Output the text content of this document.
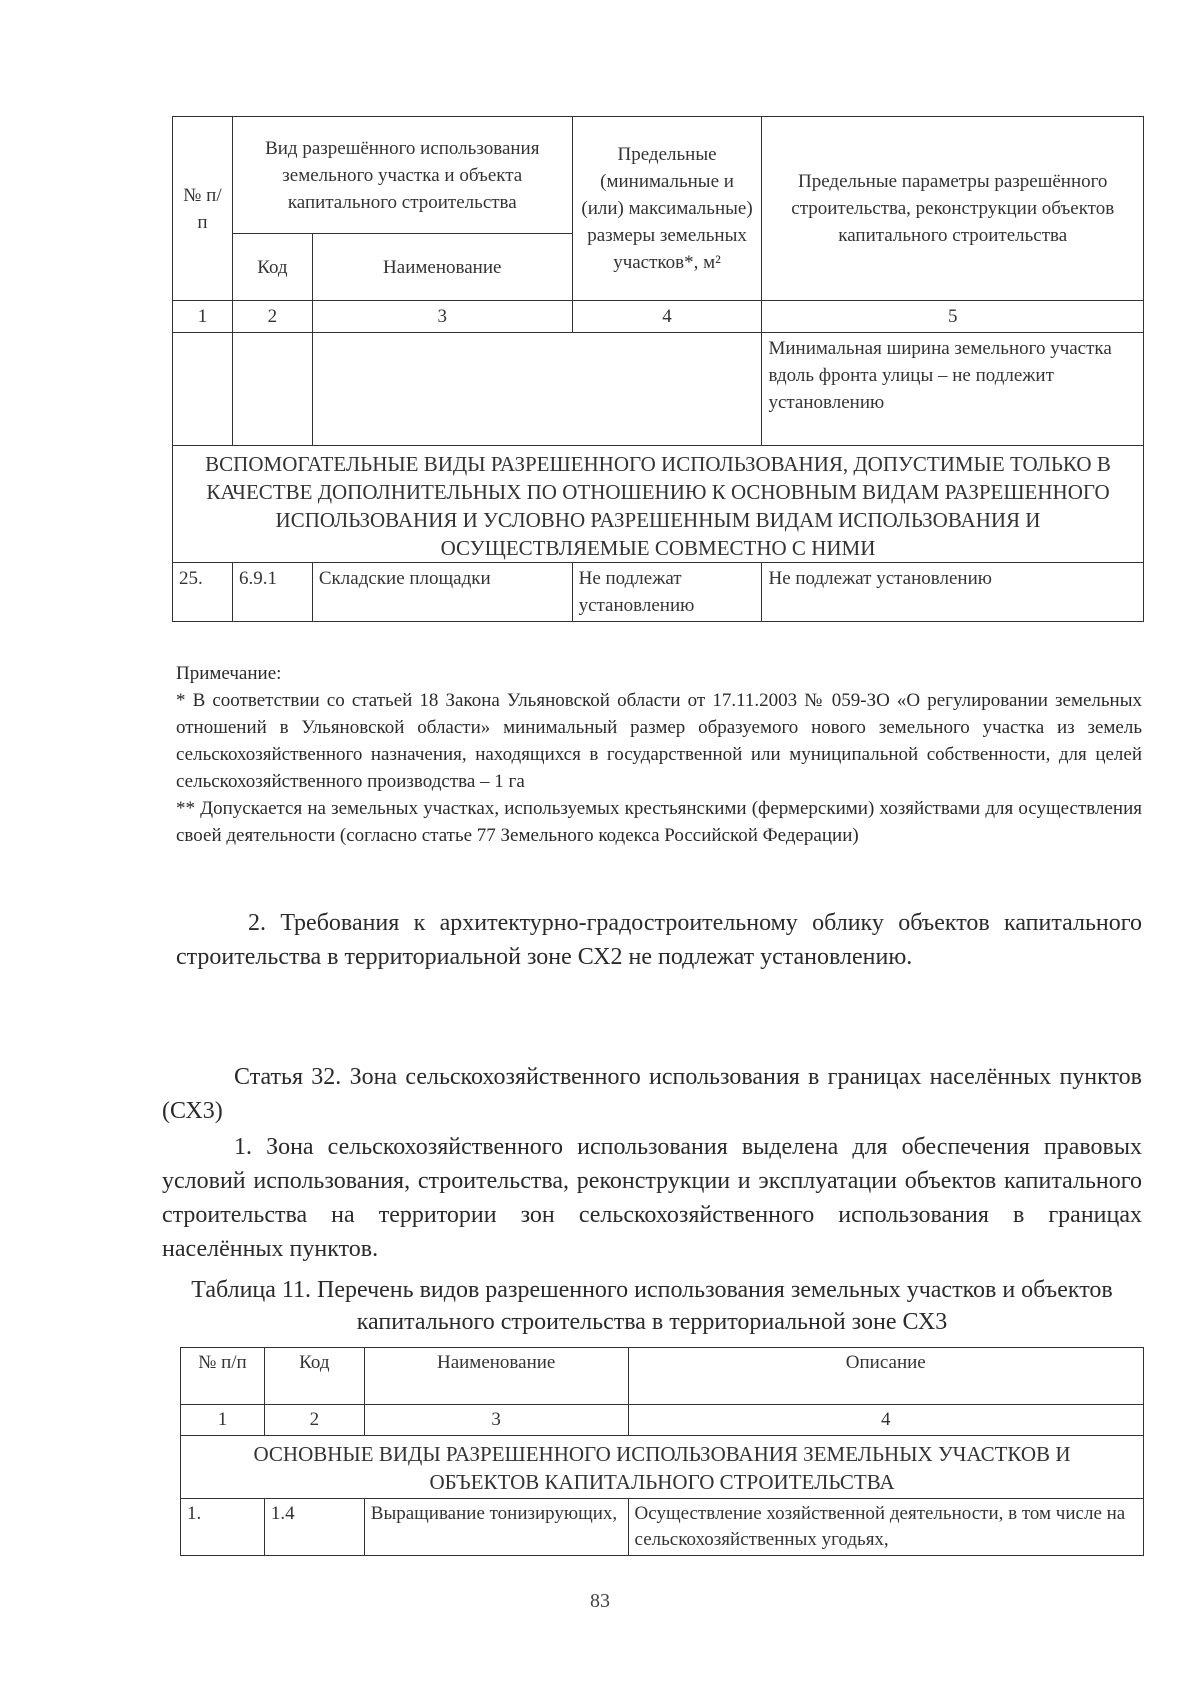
№ п/п	Вид разрешённого использования земельного участка и объекта капитального строительства		Предельные (минимальные и (или) максимальные) размеры земельных участков*, м²	Предельные параметры разрешённого строительства, реконструкции объектов капитального строительства
	Код	Наименование		
1	2	3	4	5
				Минимальная ширина земельного участка вдоль фронта улицы – не подлежит установлению
ВСПОМОГАТЕЛЬНЫЕ ВИДЫ РАЗРЕШЕННОГО ИСПОЛЬЗОВАНИЯ, ДОПУСТИМЫЕ ТОЛЬКО В КАЧЕСТВЕ ДОПОЛНИТЕЛЬНЫХ ПО ОТНОШЕНИЮ К ОСНОВНЫМ ВИДАМ РАЗРЕШЕННОГО ИСПОЛЬЗОВАНИЯ И УСЛОВНО РАЗРЕШЕННЫМ ВИДАМ ИСПОЛЬЗОВАНИЯ И ОСУЩЕСТВЛЯЕМЫЕ СОВМЕСТНО С НИМИ				
25.	6.9.1	Складские площадки	Не подлежат установлению	Не подлежат установлению

Примечание:

* В соответствии со статьей 18 Закона Ульяновской области от 17.11.2003 № 059-ЗО «О регулировании земельных отношений в Ульяновской области» минимальный размер образуемого нового земельного участка из земель сельскохозяйственного назначения, находящихся в государственной или муниципальной собственности, для целей сельскохозяйственного производства – 1 га

** Допускается на земельных участках, используемых крестьянскими (фермерскими) хозяйствами для осуществления своей деятельности (согласно статье 77 Земельного кодекса Российской Федерации)

2. Требования к архитектурно-градостроительному облику объектов капитального строительства в территориальной зоне СХ2 не подлежат установлению.

Статья 32. Зона сельскохозяйственного использования в границах населённых пунктов (СХ3)

1. Зона сельскохозяйственного использования выделена для обеспечения правовых условий использования, строительства, реконструкции и эксплуатации объектов капитального строительства на территории зон сельскохозяйственного использования в границах населённых пунктов.

Таблица 11. Перечень видов разрешенного использования земельных участков и объектов капитального строительства в территориальной зоне СХ3

№ п/п	Код	Наименование	Описание
1	2	3	4
ОСНОВНЫЕ ВИДЫ РАЗРЕШЕННОГО ИСПОЛЬЗОВАНИЯ ЗЕМЕЛЬНЫХ УЧАСТКОВ И ОБЪЕКТОВ КАПИТАЛЬНОГО СТРОИТЕЛЬСТВА			
1.	1.4	Выращивание тонизирующих,	Осуществление хозяйственной деятельности, в том числе на сельскохозяйственных угодьях,
83
